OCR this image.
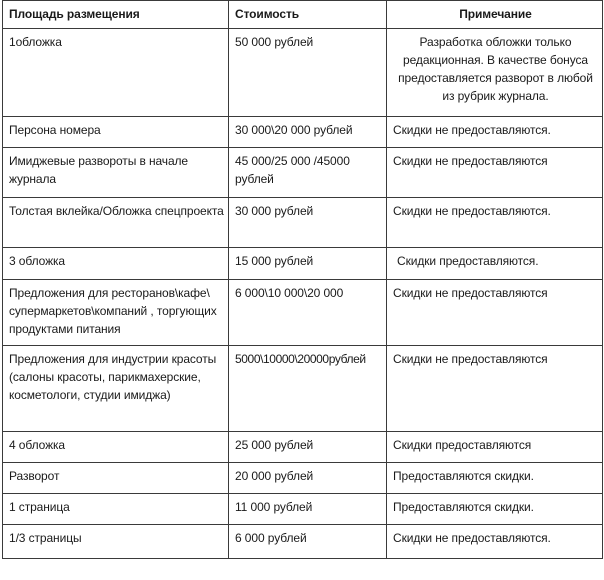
Площадь размещения	Стоимость	Примечание
1обложка	50 000 рублей	Разработка обложки только редакционная. В качестве бонуса предоставляется разворот в любой из рубрик журнала.
Персона номера	30 000\20 000 рублей	Скидки не предоставляются.
Имиджевые развороты в начале журнала	45 000/25 000 /45000 рублей	Скидки не предоставляются
Толстая вклейка/Обложка спецпроекта	30 000 рублей	Скидки не предоставляются.
3 обложка	15 000 рублей	Скидки предоставляются.
Предложения для ресторанов\кафе\ супермаркетов\компаний , торгующих продуктами питания	6 000\10 000\20 000	Скидки не предоставляются
Предложения для индустрии красоты (салоны красоты, парикмахерские, косметологи, студии имиджа)	5000\10000\20000рублей	Скидки не предоставляются
4 обложка	25 000 рублей	Скидки предоставляются
Разворот	20 000 рублей	Предоставляются скидки.
1 страница	11 000 рублей	Предоставляются скидки.
1/3 страницы	6 000 рублей	Скидки не предоставляются.
